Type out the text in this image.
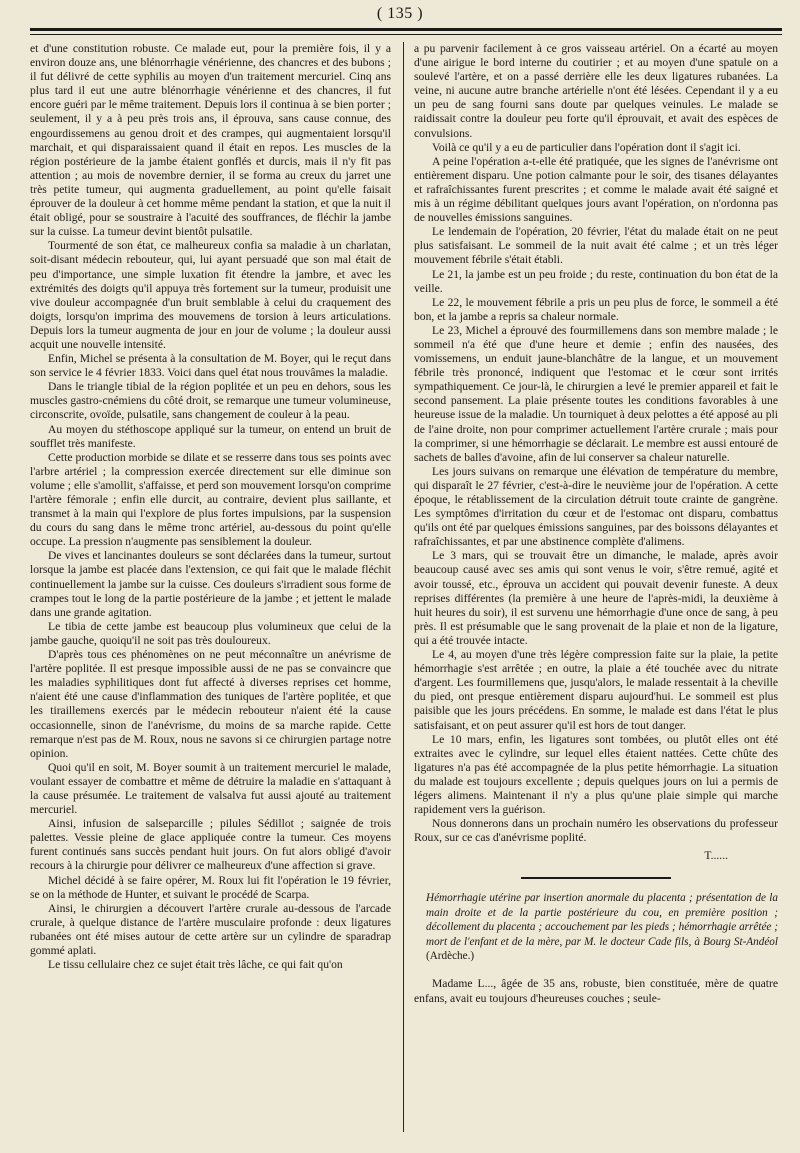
( 135 )

et d'une constitution robuste. Ce malade eut, pour la première fois, il y a environ douze ans, une blénorrhagie vénérienne, des chancres et des bubons ; il fut délivré de cette syphilis au moyen d'un traitement mercuriel. Cinq ans plus tard il eut une autre blénorrhagie vénérienne et des chancres, il fut encore guéri par le même traitement. Depuis lors il continua à se bien porter ; seulement, il y a à peu près trois ans, il éprouva, sans cause connue, des engourdissemens au genou droit et des crampes, qui augmentaient lorsqu'il marchait, et qui disparaissaient quand il était en repos. Les muscles de la région postérieure de la jambe étaient gonflés et durcis, mais il n'y fit pas attention ; au mois de novembre dernier, il se forma au creux du jarret une très petite tumeur, qui augmenta graduellement, au point qu'elle faisait éprouver de la douleur à cet homme même pendant la station, et que la nuit il était obligé, pour se soustraire à l'acuité des souffrances, de fléchir la jambe sur la cuisse. La tumeur devint bientôt pulsatile.

Tourmenté de son état, ce malheureux confia sa maladie à un charlatan, soit-disant médecin rebouteur, qui, lui ayant persuadé que son mal était de peu d'importance, une simple luxation fit étendre la jambre, et avec les extrémités des doigts qu'il appuya très fortement sur la tumeur, produisit une vive douleur accompagnée d'un bruit semblable à celui du craquement des doigts, lorsqu'on imprima des mouvemens de torsion à leurs articulations. Depuis lors la tumeur augmenta de jour en jour de volume ; la douleur aussi acquit une nouvelle intensité.

Enfin, Michel se présenta à la consultation de M. Boyer, qui le reçut dans son service le 4 février 1833. Voici dans quel état nous trouvâmes la maladie.

Dans le triangle tibial de la région poplitée et un peu en dehors, sous les muscles gastro-cnémiens du côté droit, se remarque une tumeur volumineuse, circonscrite, ovoïde, pulsatile, sans changement de couleur à la peau.

Au moyen du stéthoscope appliqué sur la tumeur, on entend un bruit de soufflet très manifeste.

Cette production morbide se dilate et se resserre dans tous ses points avec l'arbre artériel ; la compression exercée directement sur elle diminue son volume ; elle s'amollit, s'affaisse, et perd son mouvement lorsqu'on comprime l'artère fémorale ; enfin elle durcit, au contraire, devient plus saillante, et transmet à la main qui l'explore de plus fortes impulsions, par la suspension du cours du sang dans le même tronc artériel, au-dessous du point qu'elle occupe. La pression n'augmente pas sensiblement la douleur.

De vives et lancinantes douleurs se sont déclarées dans la tumeur, surtout lorsque la jambe est placée dans l'extension, ce qui fait que le malade fléchit continuellement la jambe sur la cuisse. Ces douleurs s'irradient sous forme de crampes tout le long de la partie postérieure de la jambe ; et jettent le malade dans une grande agitation.

Le tibia de cette jambe est beaucoup plus volumineux que celui de la jambe gauche, quoiqu'il ne soit pas très douloureux.

D'après tous ces phénomènes on ne peut méconnaître un anévrisme de l'artère poplitée. Il est presque impossible aussi de ne pas se convaincre que les maladies syphilitiques dont fut affecté à diverses reprises cet homme, n'aient été une cause d'inflammation des tuniques de l'artère poplitée, et que les tiraillemens exercés par le médecin rebouteur n'aient été la cause occasionnelle, sinon de l'anévrisme, du moins de sa marche rapide. Cette remarque n'est pas de M. Roux, nous ne savons si ce chirurgien partage notre opinion.

Quoi qu'il en soit, M. Boyer soumit à un traitement mercuriel le malade, voulant essayer de combattre et même de détruire la maladie en s'attaquant à la cause présumée. Le traitement de valsalva fut aussi ajouté au traitement mercuriel.

Ainsi, infusion de salseparcille ; pilules Sédillot ; saignée de trois palettes. Vessie pleine de glace appliquée contre la tumeur. Ces moyens furent continués sans succès pendant huit jours. On fut alors obligé d'avoir recours à la chirurgie pour délivrer ce malheureux d'une affection si grave.

Michel décidé à se faire opérer, M. Roux lui fit l'opération le 19 février, se on la méthode de Hunter, et suivant le procédé de Scarpa.

Ainsi, le chirurgien a découvert l'artère crurale au-dessous de l'arcade crurale, à quelque distance de l'artère musculaire profonde : deux ligatures rubanées ont été mises autour de cette artère sur un cylindre de sparadrap gommé aplati.

Le tissu cellulaire chez ce sujet était très lâche, ce qui fait qu'on

a pu parvenir facilement à ce gros vaisseau artériel. On a écarté au moyen d'une airigue le bord interne du coutirier ; et au moyen d'une spatule on a soulevé l'artère, et on a passé derrière elle les deux ligatures rubanées. La veine, ni aucune autre branche artérielle n'ont été lésées. Cependant il y a eu un peu de sang fourni sans doute par quelques veinules. Le malade se raidissait contre la douleur peu forte qu'il éprouvait, et avait des espèces de convulsions.

Voilà ce qu'il y a eu de particulier dans l'opération dont il s'agit ici.

A peine l'opération a-t-elle été pratiquée, que les signes de l'anévrisme ont entièrement disparu. Une potion calmante pour le soir, des tisanes délayantes et rafraîchissantes furent prescrites ; et comme le malade avait été saigné et mis à un régime débilitant quelques jours avant l'opération, on n'ordonna pas de nouvelles émissions sanguines.

Le lendemain de l'opération, 20 février, l'état du malade était on ne peut plus satisfaisant. Le sommeil de la nuit avait été calme ; et un très léger mouvement fébrile s'était établi.

Le 21, la jambe est un peu froide ; du reste, continuation du bon état de la veille.

Le 22, le mouvement fébrile a pris un peu plus de force, le sommeil a été bon, et la jambe a repris sa chaleur normale.

Le 23, Michel a éprouvé des fourmillemens dans son membre malade ; le sommeil n'a été que d'une heure et demie ; enfin des nausées, des vomissemens, un enduit jaune-blanchâtre de la langue, et un mouvement fébrile très prononcé, indiquent que l'estomac et le cœur sont irrités sympathiquement. Ce jour-là, le chirurgien a levé le premier appareil et fait le second pansement. La plaie présente toutes les conditions favorables à une heureuse issue de la maladie. Un tourniquet à deux pelottes a été apposé au pli de l'aine droite, non pour comprimer actuellement l'artère crurale ; mais pour la comprimer, si une hémorrhagie se déclarait. Le membre est aussi entouré de sachets de balles d'avoine, afin de lui conserver sa chaleur naturelle.

Les jours suivans on remarque une élévation de température du membre, qui disparaît le 27 février, c'est-à-dire le neuvième jour de l'opération. A cette époque, le rétablissement de la circulation détruit toute crainte de gangrène. Les symptômes d'irritation du cœur et de l'estomac ont disparu, combattus qu'ils ont été par quelques émissions sanguines, par des boissons délayantes et rafraîchissantes, et par une abstinence complète d'alimens.

Le 3 mars, qui se trouvait être un dimanche, le malade, après avoir beaucoup causé avec ses amis qui sont venus le voir, s'être remué, agité et avoir toussé, etc., éprouva un accident qui pouvait devenir funeste. A deux reprises différentes (la première à une heure de l'après-midi, la deuxième à huit heures du soir), il est survenu une hémorrhagie d'une once de sang, à peu près. Il est présumable que le sang provenait de la plaie et non de la ligature, qui a été trouvée intacte.

Le 4, au moyen d'une très légère compression faite sur la plaie, la petite hémorrhagie s'est arrêtée ; en outre, la plaie a été touchée avec du nitrate d'argent. Les fourmillemens que, jusqu'alors, le malade ressentait à la cheville du pied, ont presque entièrement disparu aujourd'hui. Le sommeil est plus paisible que les jours précédens. En somme, le malade est dans l'état le plus satisfaisant, et on peut assurer qu'il est hors de tout danger.

Le 10 mars, enfin, les ligatures sont tombées, ou plutôt elles ont été extraites avec le cylindre, sur lequel elles étaient nattées. Cette chûte des ligatures n'a pas été accompagnée de la plus petite hémorrhagie. La situation du malade est toujours excellente ; depuis quelques jours on lui a permis de légers alimens. Maintenant il n'y a plus qu'une plaie simple qui marche rapidement vers la guérison.

Nous donnerons dans un prochain numéro les observations du professeur Roux, sur ce cas d'anévrisme poplité.

T......

Hémorrhagie utérine par insertion anormale du placenta ; présentation de la main droite et de la partie postérieure du cou, en première position ; décollement du placenta ; accouchement par les pieds ; hémorrhagie arrêtée ; mort de l'enfant et de la mère, par M. le docteur Cade fils, à Bourg St-Andéol (Ardèche.)

Madame L..., âgée de 35 ans, robuste, bien constituée, mère de quatre enfans, avait eu toujours d'heureuses couches ; seule-
